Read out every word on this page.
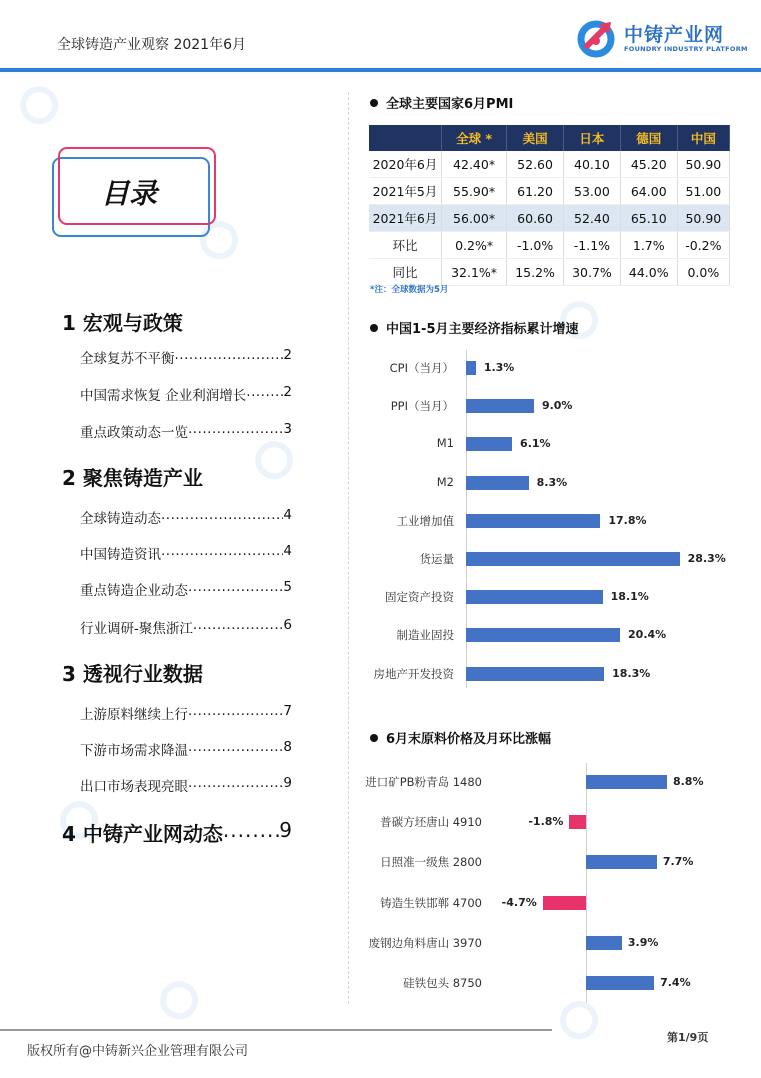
全球铸造产业观察 2021年6月	中铸产业网
FOUNDRY INDUSTRY PLATFORM
目录
1 宏观与政策
全球复苏不平衡 .....	2
中国需求恢复 企业利润增长 .....	2
重点政策动态一览 .....	3
2 聚焦铸造产业
全球铸造动态 .....	4
中国铸造资讯 .....	4
重点铸造企业动态 .....	5
行业调研-聚焦浙江 .....	6
3 透视行业数据
上游原料继续上行 .....	7
下游市场需求降温 .....	8
出口市场表现亮眼 .....	9
4 中铸产业网动态 .....	9
全球主要国家6月PMI
	全球 *	美国	日本	德国	中国
2020年6月	42.40*	52.60	40.10	45.20	50.90
2021年5月	55.90*	61.20	53.00	64.00	51.00
2021年6月	56.00*	60.60	52.40	65.10	50.90
环比	0.2%*	-1.0%	-1.1%	1.7%	-0.2%
同比	32.1%*	15.2%	30.7%	44.0%	0.0%
*注：全球数据为5月
中国1-5月主要经济指标累计增速
CPI（当月）	1.3%
PPI（当月）	9.0%
M1	6.1%
M2	8.3%
工业增加值	17.8%
货运量	28.3%
固定资产投资	18.1%
制造业固投	20.4%
房地产开发投资	18.3%
6月末原料价格及月环比涨幅
进口矿PB粉青岛 1480	8.8%
普碳方坯唐山 4910	-1.8%
日照准一级焦 2800	7.7%
铸造生铁邯郸 4700 -4.7%
废钢边角料唐山 3970	3.9%
硅铁包头 8750	7.4%
版权所有@中铸新兴企业管理有限公司
第1/9页
